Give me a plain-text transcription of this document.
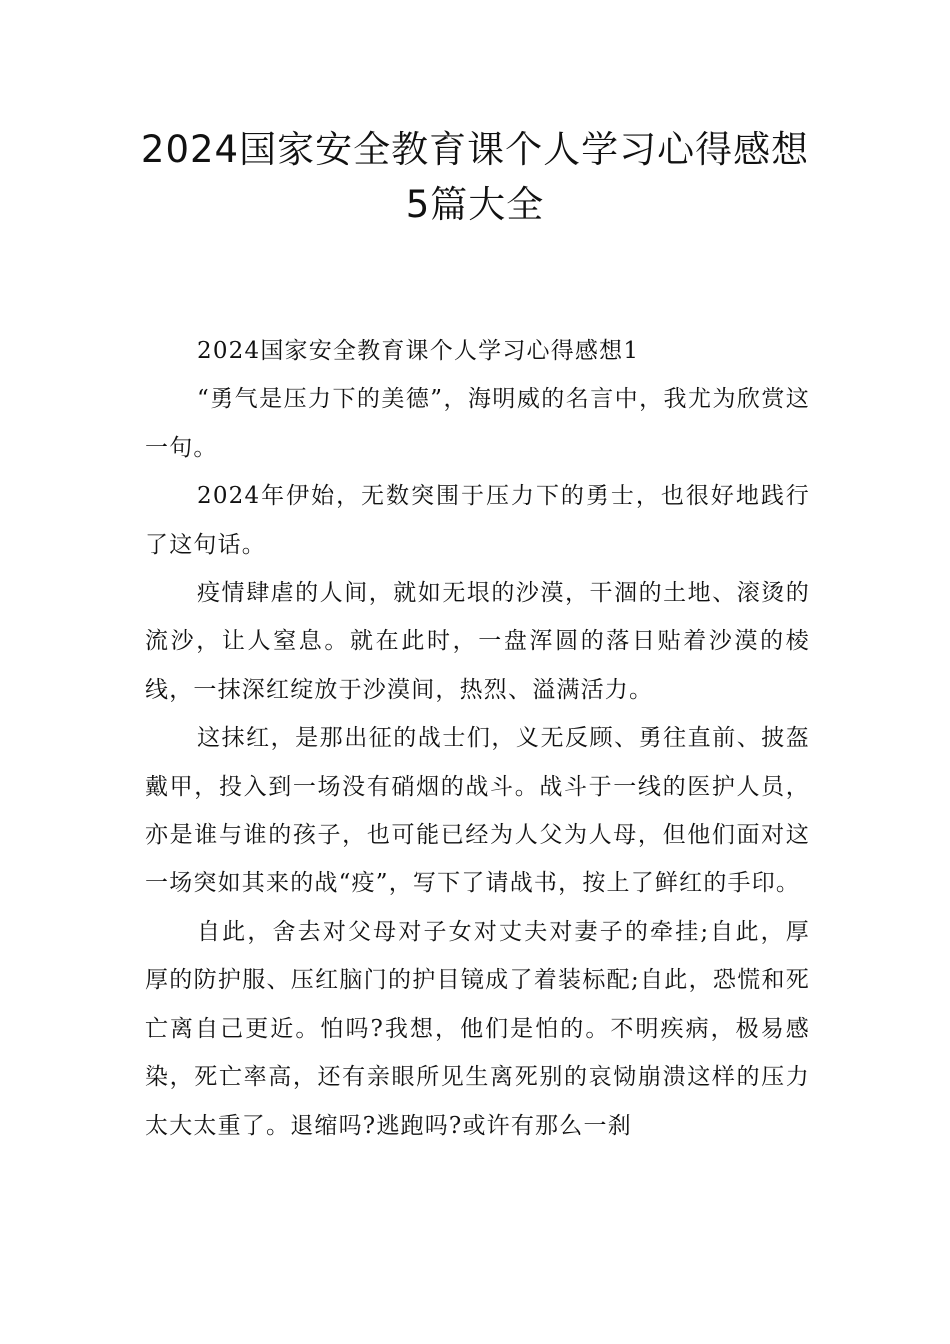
2024国家安全教育课个人学习心得感想
5篇大全

2024国家安全教育课个人学习心得感想1

“勇气是压力下的美德”，海明威的名言中，我尤为欣赏这一句。

2024年伊始，无数突围于压力下的勇士，也很好地践行了这句话。

疫情肆虐的人间，就如无垠的沙漠，干涸的土地、滚烫的流沙，让人窒息。就在此时，一盘浑圆的落日贴着沙漠的棱线，一抹深红绽放于沙漠间，热烈、溢满活力。

这抹红，是那出征的战士们，义无反顾、勇往直前、披盔戴甲，投入到一场没有硝烟的战斗。战斗于一线的医护人员，亦是谁与谁的孩子，也可能已经为人父为人母，但他们面对这一场突如其来的战“疫”，写下了请战书，按上了鲜红的手印。

自此，舍去对父母对子女对丈夫对妻子的牵挂;自此，厚厚的防护服、压红脑门的护目镜成了着装标配;自此，恐慌和死亡离自己更近。怕吗?我想，他们是怕的。不明疾病，极易感染，死亡率高，还有亲眼所见生离死别的哀恸崩溃这样的压力太大太重了。退缩吗?逃跑吗?或许有那么一刹
